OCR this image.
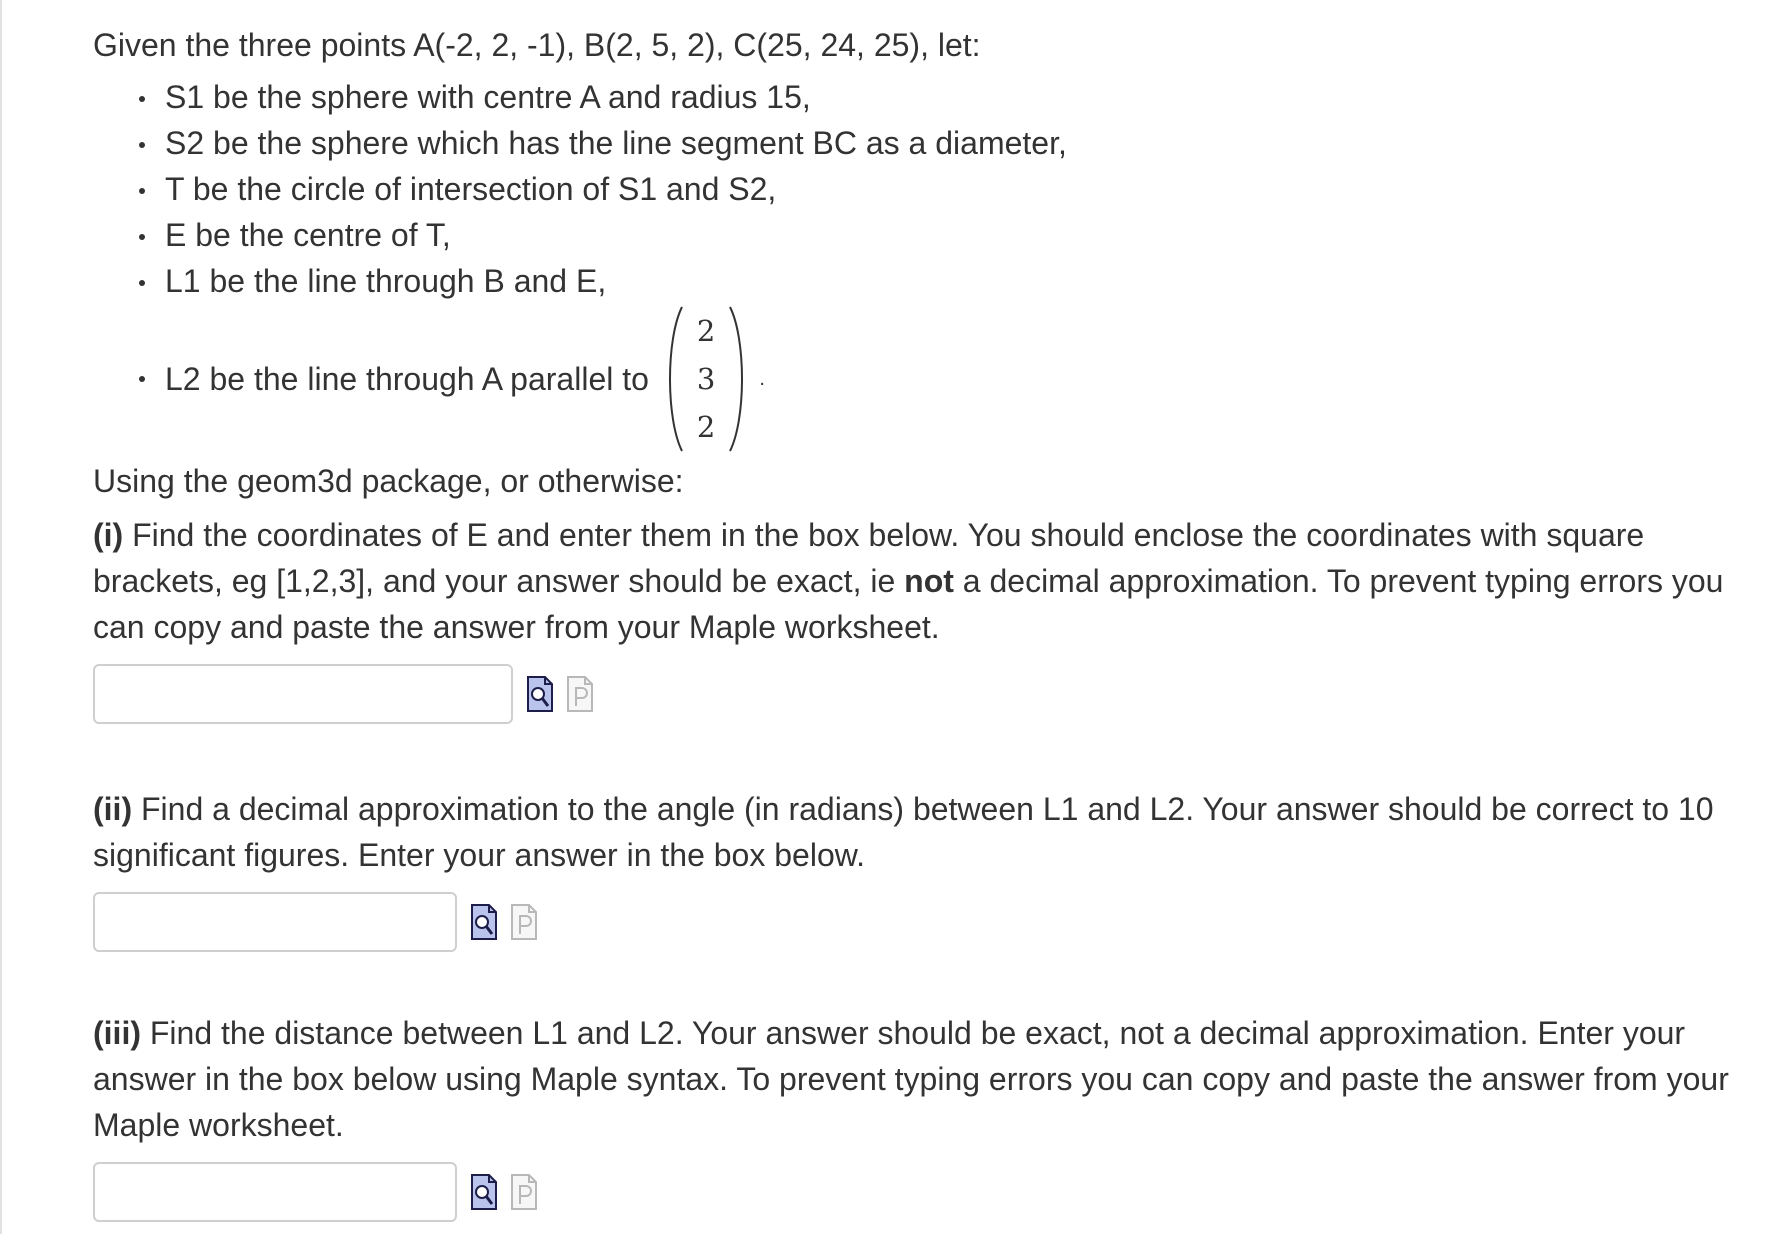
Given the three points A(-2, 2, -1), B(2, 5, 2), C(25, 24, 25), let:

S1 be the sphere with centre A and radius 15,
S2 be the sphere which has the line segment BC as a diameter,
T be the circle of intersection of S1 and S2,
E be the centre of T,
L1 be the line through B and E,
L2 be the line through A parallel to
2
3
2
.

Using the geom3d package, or otherwise:

(i) Find the coordinates of E and enter them in the box below. You should enclose the coordinates with square brackets, eg [1,2,3], and your answer should be exact, ie not a decimal approximation. To prevent typing errors you can copy and paste the answer from your Maple worksheet.

(ii) Find a decimal approximation to the angle (in radians) between L1 and L2. Your answer should be correct to 10 significant figures. Enter your answer in the box below.

(iii) Find the distance between L1 and L2. Your answer should be exact, not a decimal approximation. Enter your answer in the box below using Maple syntax. To prevent typing errors you can copy and paste the answer from your Maple worksheet.
